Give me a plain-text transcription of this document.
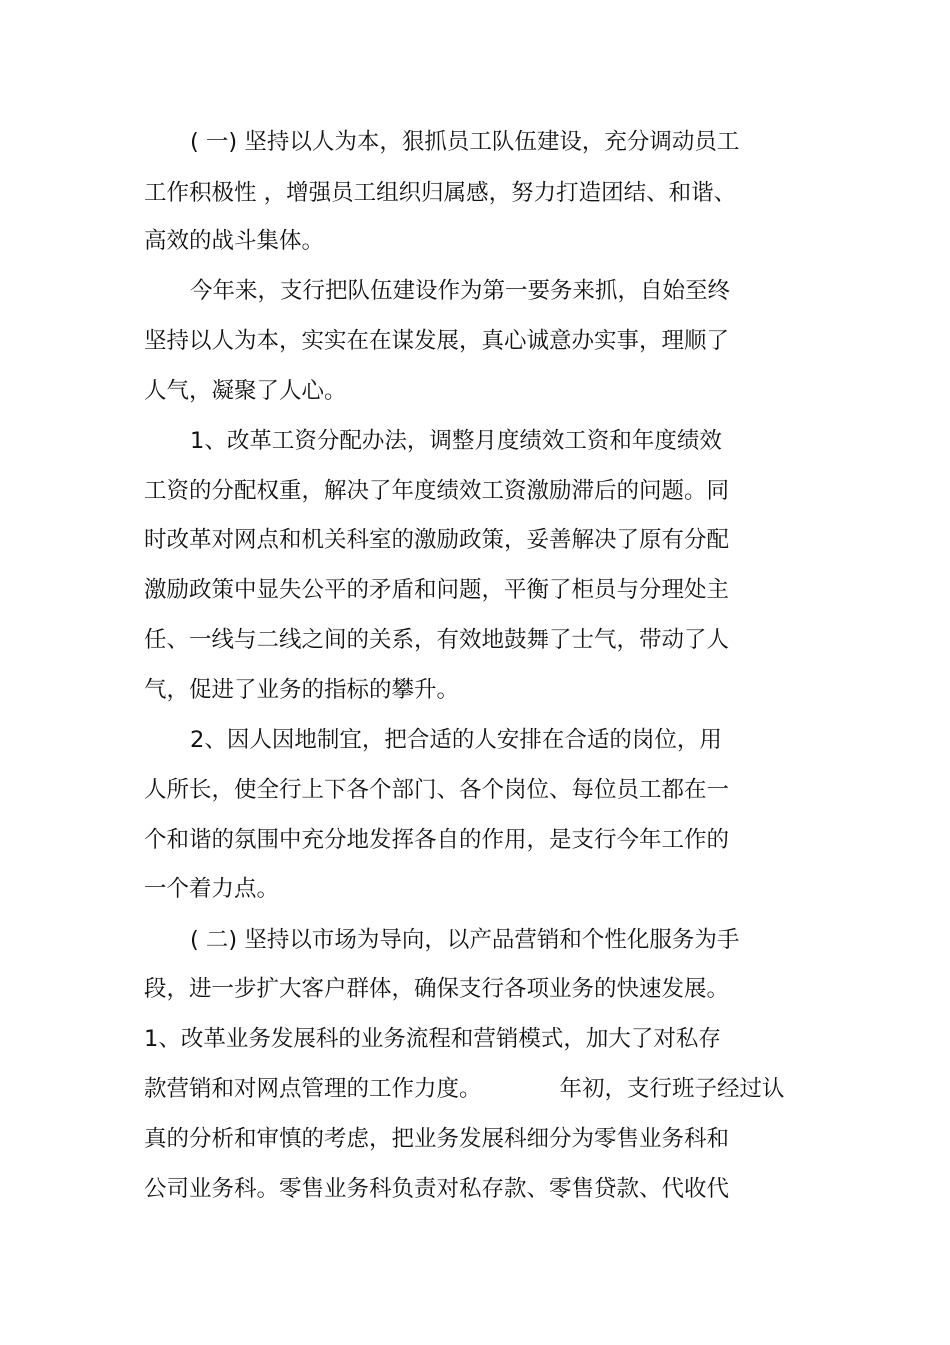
( 一) 坚持以人为本，狠抓员工队伍建设，充分调动员工
工作积极性 ，增强员工组织归属感，努力打造团结、和谐、
高效的战斗集体。
今年来，支行把队伍建设作为第一要务来抓，自始至终
坚持以人为本，实实在在谋发展，真心诚意办实事，理顺了
人气，凝聚了人心。
1、改革工资分配办法，调整月度绩效工资和年度绩效
工资的分配权重，解决了年度绩效工资激励滞后的问题。同
时改革对网点和机关科室的激励政策，妥善解决了原有分配
激励政策中显失公平的矛盾和问题，平衡了柜员与分理处主
任、一线与二线之间的关系，有效地鼓舞了士气，带动了人
气，促进了业务的指标的攀升。
2、因人因地制宜，把合适的人安排在合适的岗位，用
人所长，使全行上下各个部门、各个岗位、每位员工都在一
个和谐的氛围中充分地发挥各自的作用，是支行今年工作的
一个着力点。
( 二) 坚持以市场为导向，以产品营销和个性化服务为手
段，进一步扩大客户群体，确保支行各项业务的快速发展。
1、改革业务发展科的业务流程和营销模式，加大了对私存
款营销和对网点管理的工作力度。	年初，支行班子经过认
真的分析和审慎的考虑，把业务发展科细分为零售业务科和
公司业务科。零售业务科负责对私存款、零售贷款、代收代
